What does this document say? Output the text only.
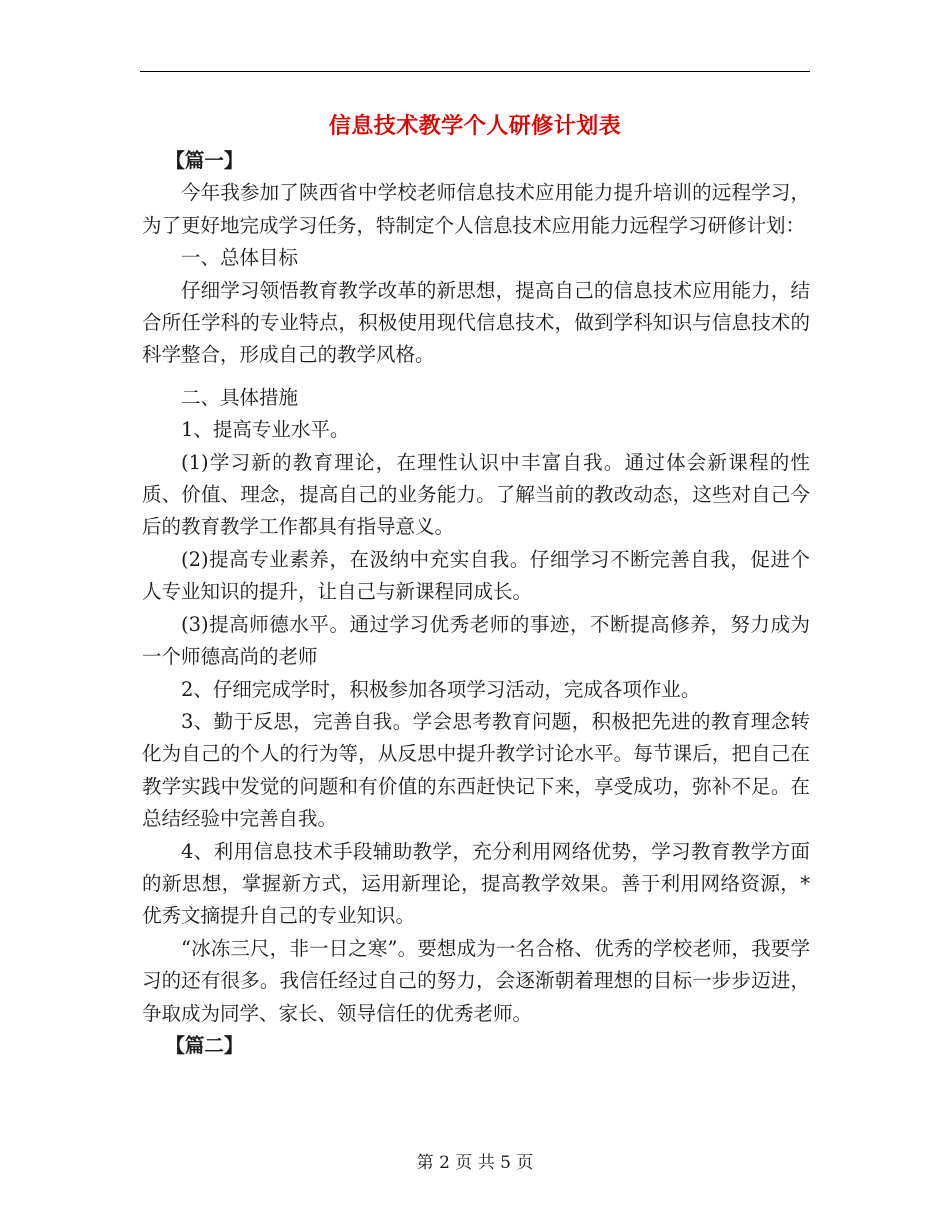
信息技术教学个人研修计划表

【篇一】

今年我参加了陕西省中学校老师信息技术应用能力提升培训的远程学习，为了更好地完成学习任务，特制定个人信息技术应用能力远程学习研修计划：

一、总体目标

仔细学习领悟教育教学改革的新思想，提高自己的信息技术应用能力，结合所任学科的专业特点，积极使用现代信息技术，做到学科知识与信息技术的科学整合，形成自己的教学风格。

二、具体措施

1、提高专业水平。

(1)学习新的教育理论，在理性认识中丰富自我。通过体会新课程的性质、价值、理念，提高自己的业务能力。了解当前的教改动态，这些对自己今后的教育教学工作都具有指导意义。

(2)提高专业素养，在汲纳中充实自我。仔细学习不断完善自我，促进个人专业知识的提升，让自己与新课程同成长。

(3)提高师德水平。通过学习优秀老师的事迹，不断提高修养，努力成为一个师德高尚的老师

2、仔细完成学时，积极参加各项学习活动，完成各项作业。

3、勤于反思，完善自我。学会思考教育问题，积极把先进的教育理念转化为自己的个人的行为等，从反思中提升教学讨论水平。每节课后，把自己在教学实践中发觉的问题和有价值的东西赶快记下来，享受成功，弥补不足。在总结经验中完善自我。

4、利用信息技术手段辅助教学，充分利用网络优势，学习教育教学方面的新思想，掌握新方式，运用新理论，提高教学效果。善于利用网络资源，*优秀文摘提升自己的专业知识。

“冰冻三尺，非一日之寒”。要想成为一名合格、优秀的学校老师，我要学习的还有很多。我信任经过自己的努力，会逐渐朝着理想的目标一步步迈进，争取成为同学、家长、领导信任的优秀老师。

【篇二】

第 2 页 共 5 页
